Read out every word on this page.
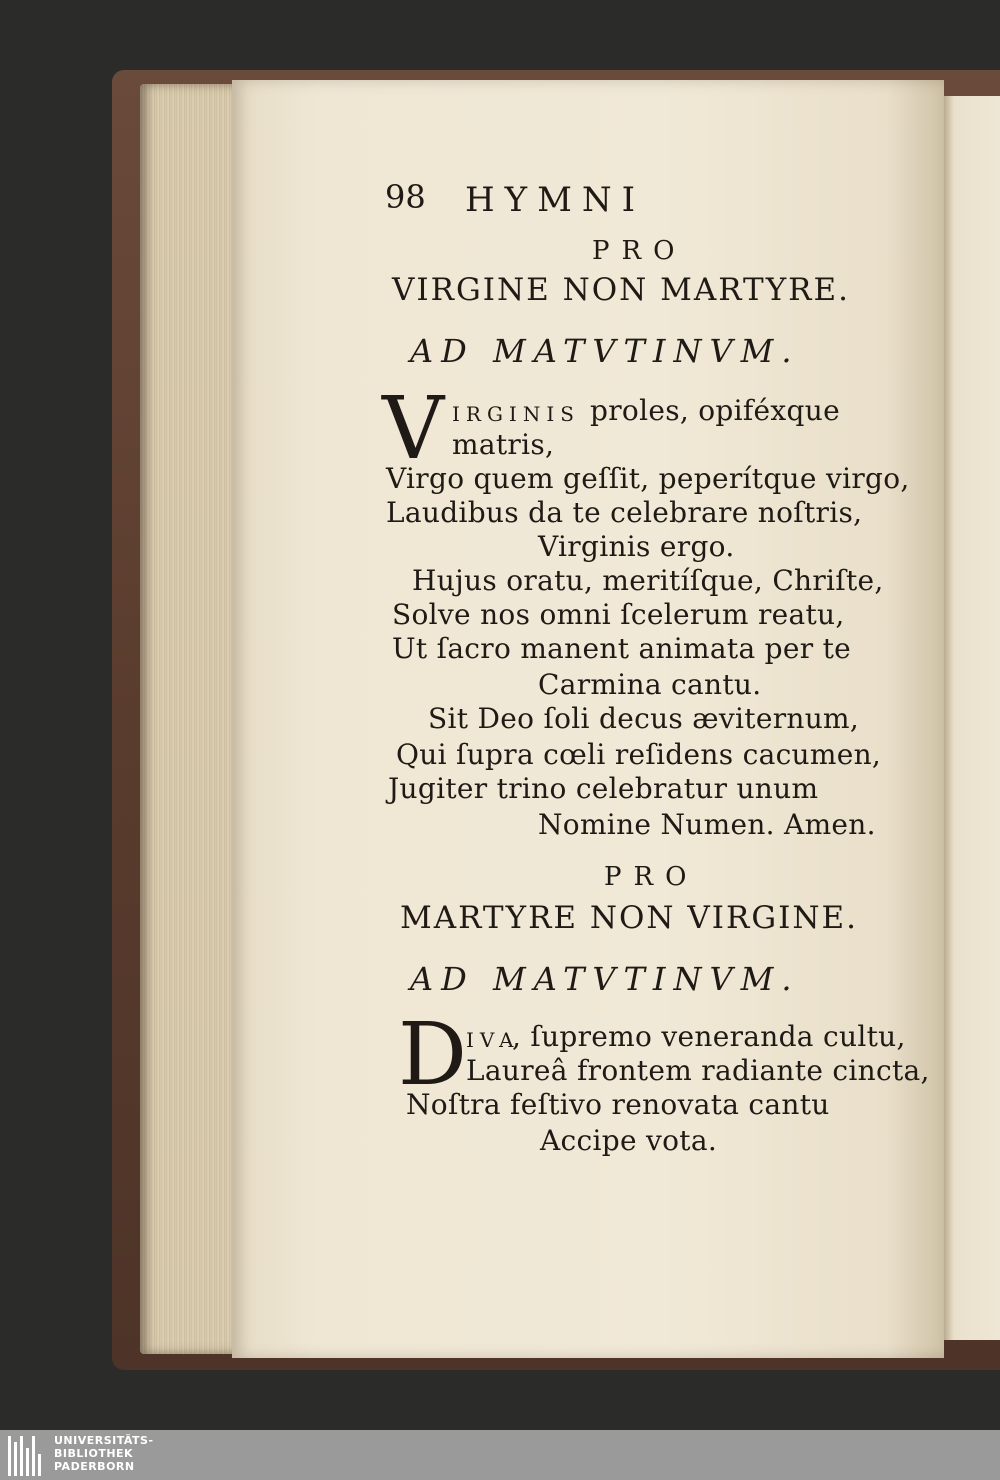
98 HYMNI
PRO
VIRGINE NON MARTYRE.
AD MATVTINVM.
V IRGINIS proles, opiféxque
matris,
Virgo quem geſſit, peperítque virgo,
Laudibus da te celebrare noſtris,
Virginis ergo.
Hujus oratu, meritíſque, Chriſte,
Solve nos omni ſcelerum reatu,
Ut ſacro manent animata per te
Carmina cantu.
Sit Deo ſoli decus æviternum,
Qui ſupra cœli reſidens cacumen,
Jugiter trino celebratur unum
Nomine Numen. Amen.
PRO
MARTYRE NON VIRGINE.
AD MATVTINVM.
D IVA
, ſupremo veneranda cultu,
Laureâ frontem radiante cincta,
Noſtra feſtivo renovata cantu
Accipe vota.
UNIVERSITÄTS-
BIBLIOTHEK
PADERBORN
